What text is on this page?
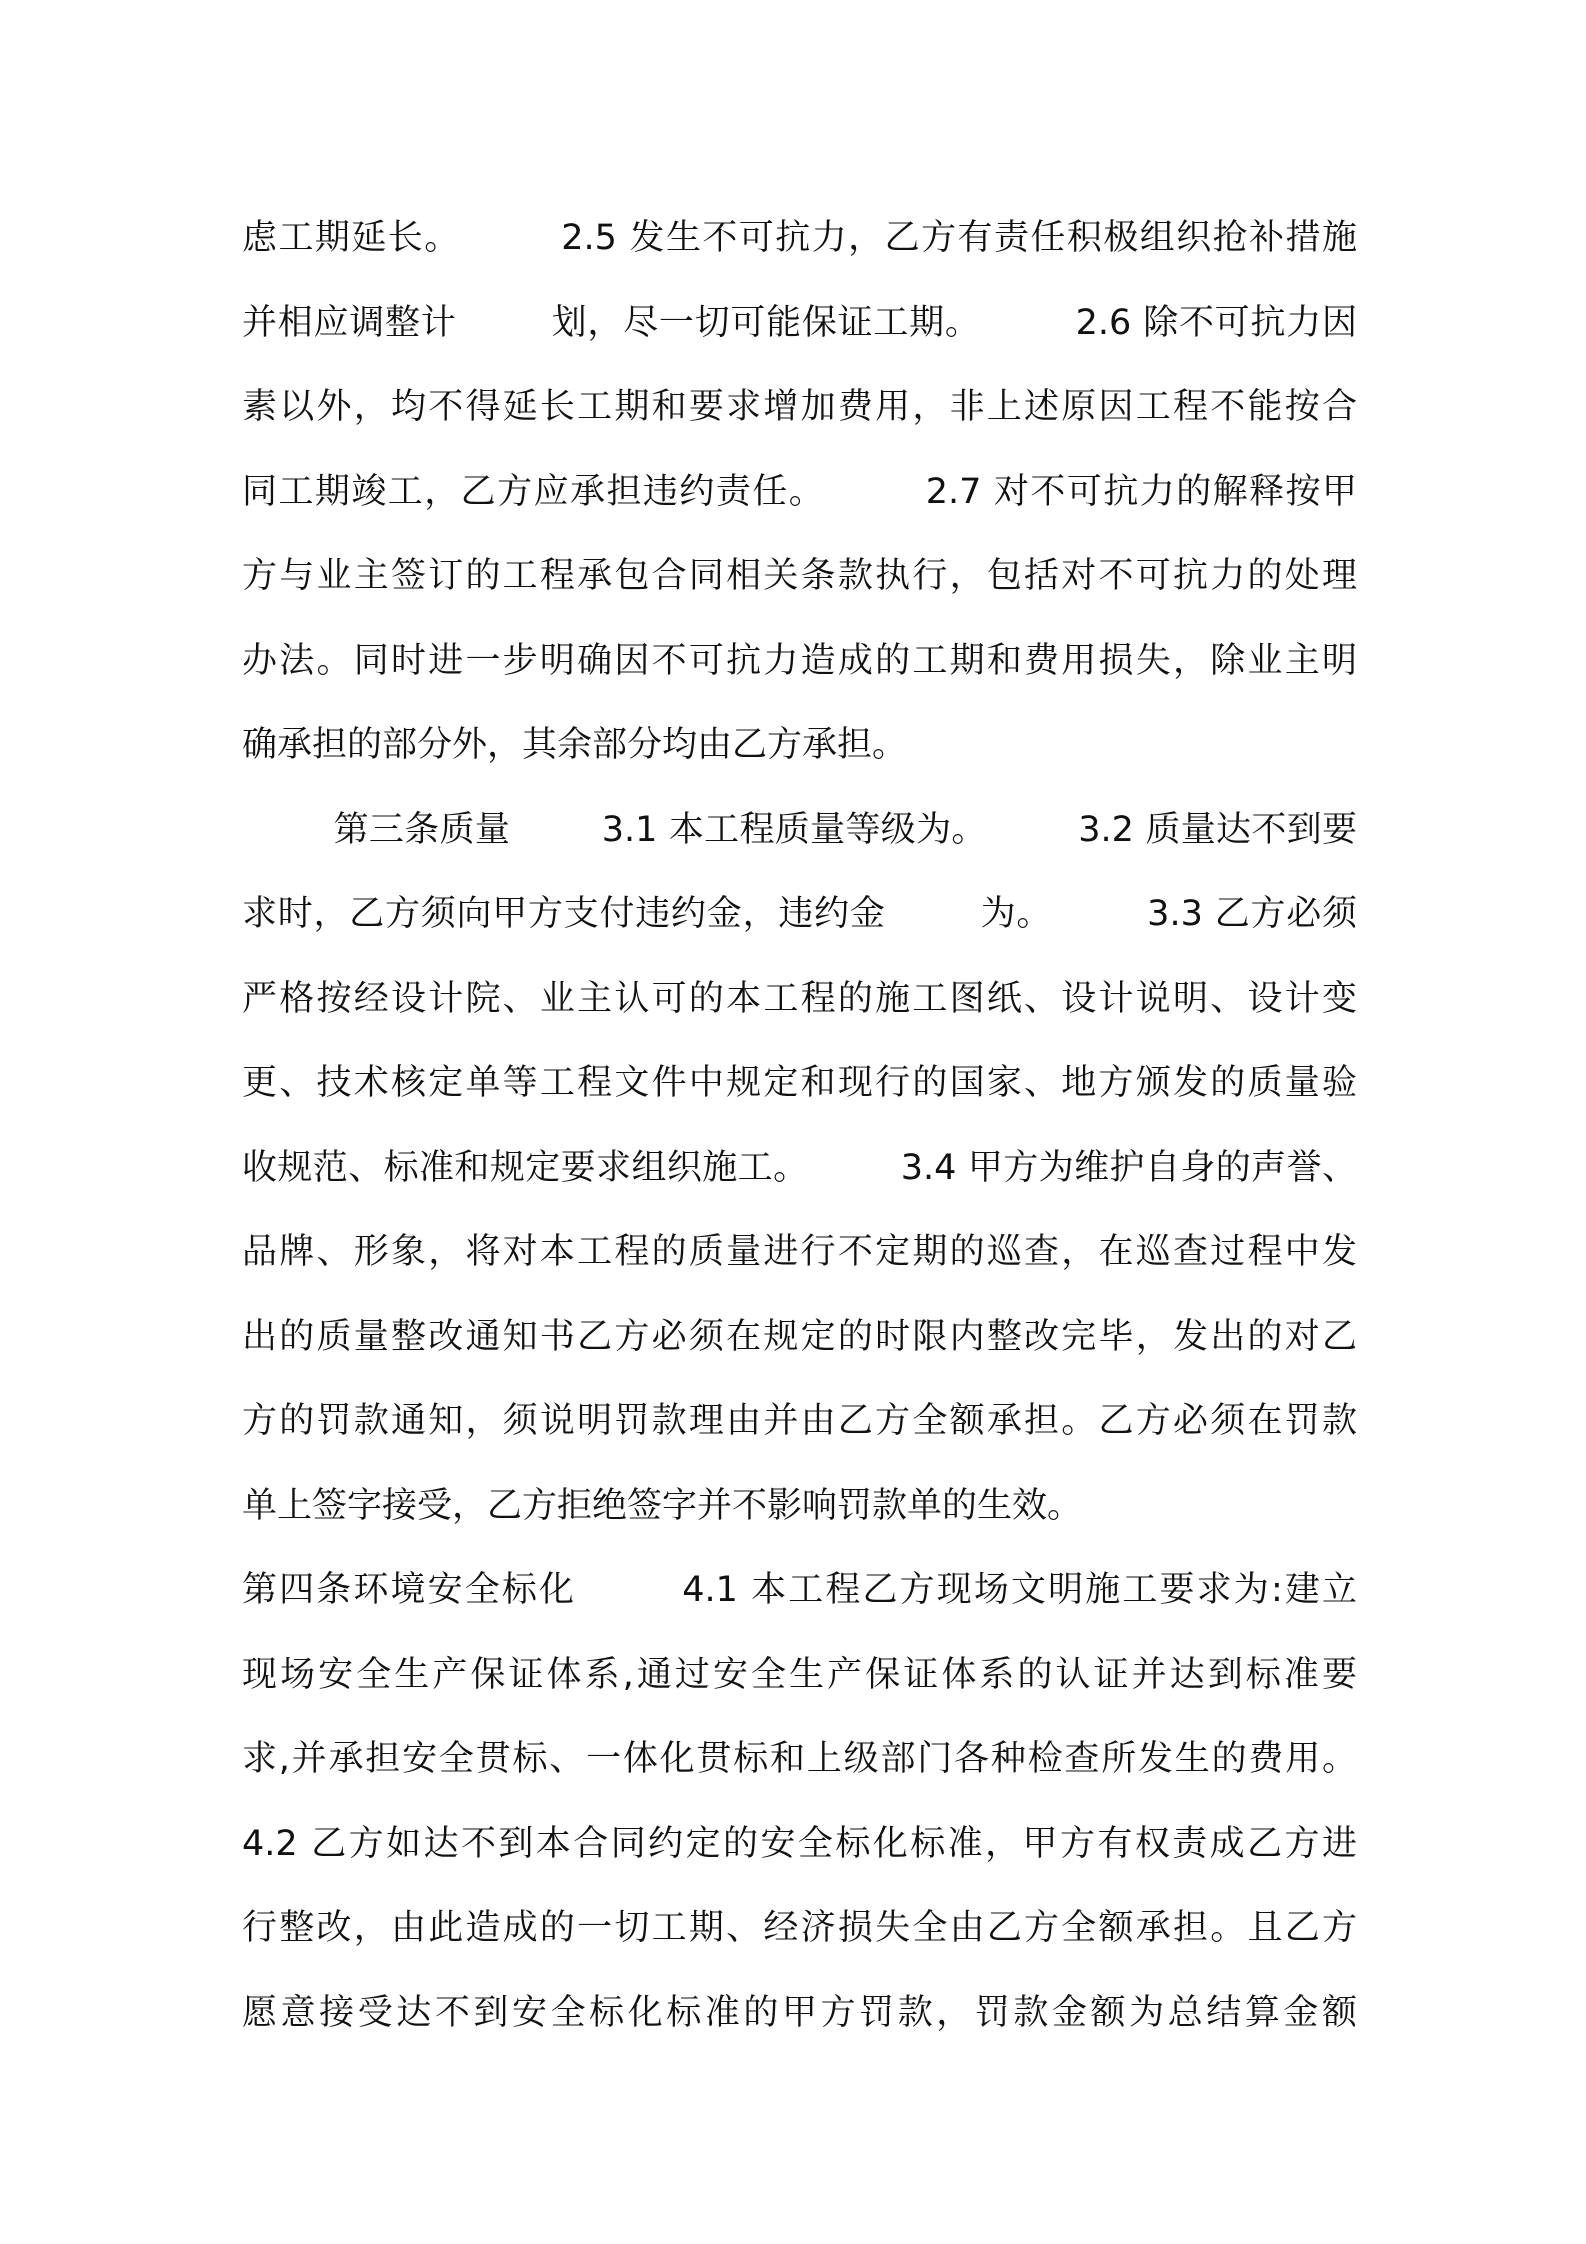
虑工期延长。        2.5 发生不可抗力，乙方有责任积极组织抢补措施
并相应调整计        划，尽一切可能保证工期。        2.6 除不可抗力因
素以外，均不得延长工期和要求增加费用，非上述原因工程不能按合
同工期竣工，乙方应承担违约责任。        2.7 对不可抗力的解释按甲
方与业主签订的工程承包合同相关条款执行，包括对不可抗力的处理
办法。同时进一步明确因不可抗力造成的工期和费用损失，除业主明
确承担的部分外，其余部分均由乙方承担。
第三条质量        3.1 本工程质量等级为。        3.2 质量达不到要
求时，乙方须向甲方支付违约金，违约金        为。        3.3 乙方必须
严格按经设计院、业主认可的本工程的施工图纸、设计说明、设计变
更、技术核定单等工程文件中规定和现行的国家、地方颁发的质量验
收规范、标准和规定要求组织施工。        3.4 甲方为维护自身的声誉、
品牌、形象，将对本工程的质量进行不定期的巡查，在巡查过程中发
出的质量整改通知书乙方必须在规定的时限内整改完毕，发出的对乙
方的罚款通知，须说明罚款理由并由乙方全额承担。乙方必须在罚款
单上签字接受，乙方拒绝签字并不影响罚款单的生效。
第四条环境安全标化        4.1 本工程乙方现场文明施工要求为:建立
现场安全生产保证体系,通过安全生产保证体系的认证并达到标准要
求,并承担安全贯标、一体化贯标和上级部门各种检查所发生的费用。
4.2 乙方如达不到本合同约定的安全标化标准，甲方有权责成乙方进
行整改，由此造成的一切工期、经济损失全由乙方全额承担。且乙方
愿意接受达不到安全标化标准的甲方罚款，罚款金额为总结算金额
